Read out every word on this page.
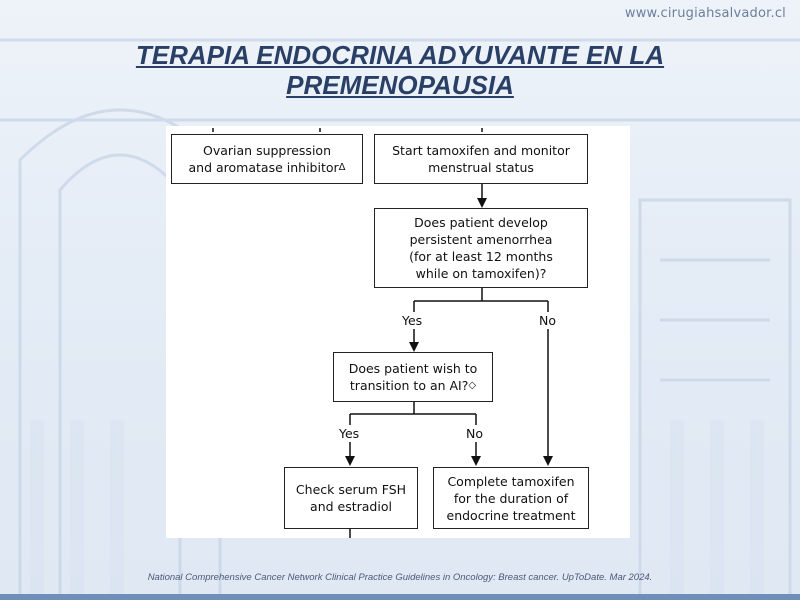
www.cirugiahsalvador.cl
TERAPIA ENDOCRINA ADYUVANTE EN LA
PREMENOPAUSIA
Ovarian suppression
and aromatase inhibitor$^\Delta$
Start tamoxifen and monitor
menstrual status
Does patient develop
persistent amenorrhea
(for at least 12 months
while on tamoxifen)?
Yes	No
Does patient wish to
transition to an AI?◇
Yes	No
Check serum FSH
and estradiol
Complete tamoxifen
for the duration of
endocrine treatment
National Comprehensive Cancer Network Clinical Practice Guidelines in Oncology: Breast cancer. UpToDate. Mar 2024.
